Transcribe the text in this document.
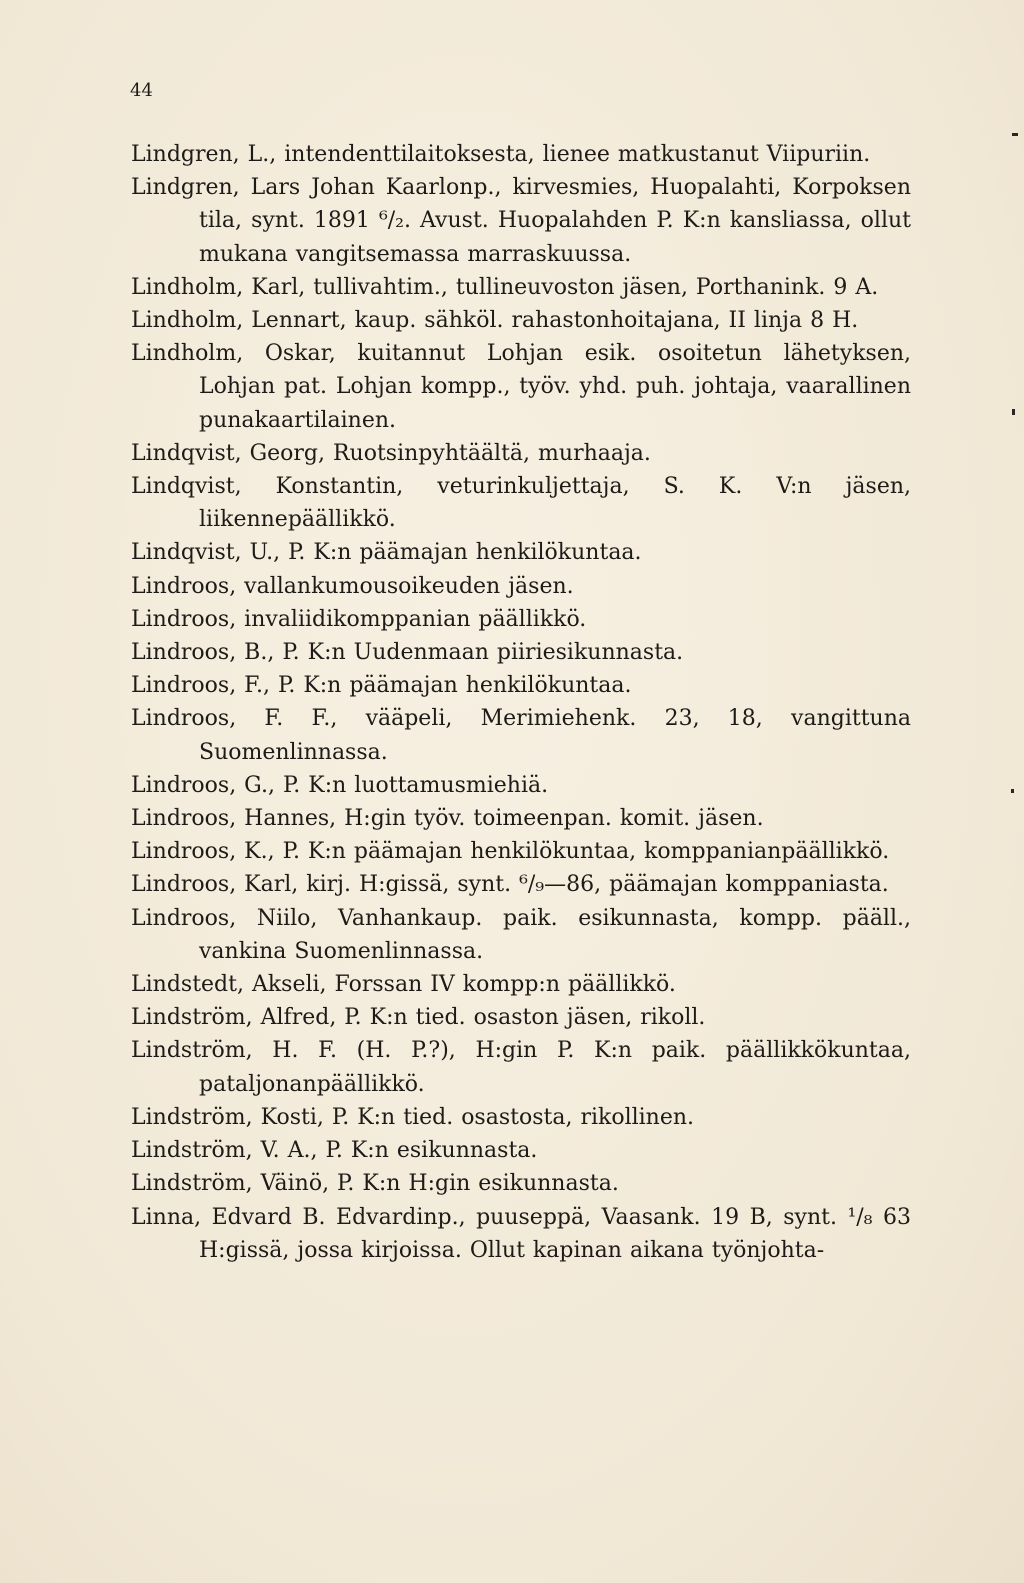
44
Lindgren, L., intendenttilaitoksesta, lienee matkustanut Viipuriin.
Lindgren, Lars Johan Kaarlonp., kirvesmies, Huopalahti, Korpoksen tila, synt. 1891 ⁶/₂. Avust. Huopalahden P. K:n kansliassa, ollut mukana vangitsemassa marraskuussa.
Lindholm, Karl, tullivahtim., tullineuvoston jäsen, Porthanink. 9 A.
Lindholm, Lennart, kaup. sähköl. rahastonhoitajana, II linja 8 H.
Lindholm, Oskar, kuitannut Lohjan esik. osoitetun lähetyksen, Lohjan pat. Lohjan kompp., työv. yhd. puh. johtaja, vaarallinen punakaartilainen.
Lindqvist, Georg, Ruotsinpyhtäältä, murhaaja.
Lindqvist, Konstantin, veturinkuljettaja, S. K. V:n jäsen, liikennepäällikkö.
Lindqvist, U., P. K:n päämajan henkilökuntaa.
Lindroos, vallankumousoikeuden jäsen.
Lindroos, invaliidikomppanian päällikkö.
Lindroos, B., P. K:n Uudenmaan piiriesikunnasta.
Lindroos, F., P. K:n päämajan henkilökuntaa.
Lindroos, F. F., vääpeli, Merimiehenk. 23, 18, vangittuna Suomenlinnassa.
Lindroos, G., P. K:n luottamusmiehiä.
Lindroos, Hannes, H:gin työv. toimeenpan. komit. jäsen.
Lindroos, K., P. K:n päämajan henkilökuntaa, komppanianpäällikkö.
Lindroos, Karl, kirj. H:gissä, synt. ⁶/₉—86, päämajan komppaniasta.
Lindroos, Niilo, Vanhankaup. paik. esikunnasta, kompp. pääll., vankina Suomenlinnassa.
Lindstedt, Akseli, Forssan IV kompp:n päällikkö.
Lindström, Alfred, P. K:n tied. osaston jäsen, rikoll.
Lindström, H. F. (H. P.?), H:gin P. K:n paik. päällikkökuntaa, pataljonanpäällikkö.
Lindström, Kosti, P. K:n tied. osastosta, rikollinen.
Lindström, V. A., P. K:n esikunnasta.
Lindström, Väinö, P. K:n H:gin esikunnasta.
Linna, Edvard B. Edvardinp., puuseppä, Vaasank. 19 B, synt. ¹/₈ 63 H:gissä, jossa kirjoissa. Ollut kapinan aikana työnjohta-
